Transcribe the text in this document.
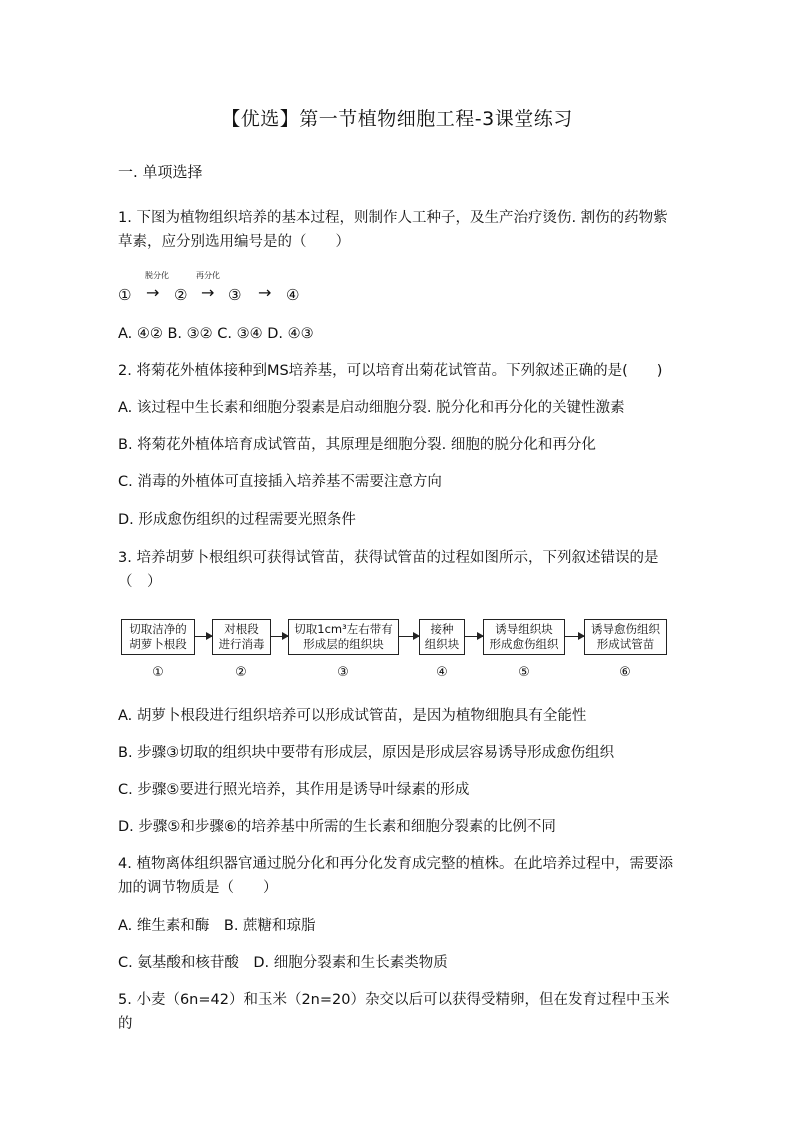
【优选】第一节植物细胞工程-3课堂练习
一. 单项选择
1. 下图为植物组织培养的基本过程，则制作人工种子，及生产治疗烫伤. 割伤的药物紫草素，应分别选用编号是的（　　）
脱分化	再分化
① → ② → ③ → ④
A. ④② B. ③② C. ③④ D. ④③
2. 将菊花外植体接种到MS培养基，可以培育出菊花试管苗。下列叙述正确的是(　　)
A. 该过程中生长素和细胞分裂素是启动细胞分裂. 脱分化和再分化的关键性激素
B. 将菊花外植体培育成试管苗，其原理是细胞分裂. 细胞的脱分化和再分化
C. 消毒的外植体可直接插入培养基不需要注意方向
D. 形成愈伤组织的过程需要光照条件
3. 培养胡萝卜根组织可获得试管苗，获得试管苗的过程如图所示，下列叙述错误的是（　）
切取洁净的
胡萝卜根段
对根段
进行消毒
切取1cm³左右带有
形成层的组织块
接种
组织块
诱导组织块
形成愈伤组织
诱导愈伤组织
形成试管苗
①	②	③	④	⑤	⑥
A. 胡萝卜根段进行组织培养可以形成试管苗，是因为植物细胞具有全能性
B. 步骤③切取的组织块中要带有形成层，原因是形成层容易诱导形成愈伤组织
C. 步骤⑤要进行照光培养，其作用是诱导叶绿素的形成
D. 步骤⑤和步骤⑥的培养基中所需的生长素和细胞分裂素的比例不同
4. 植物离体组织器官通过脱分化和再分化发育成完整的植株。在此培养过程中，需要添加的调节物质是（　　）
A. 维生素和酶　B. 蔗糖和琼脂
C. 氨基酸和核苷酸　D. 细胞分裂素和生长素类物质
5. 小麦（6n=42）和玉米（2n=20）杂交以后可以获得受精卵，但在发育过程中玉米的
